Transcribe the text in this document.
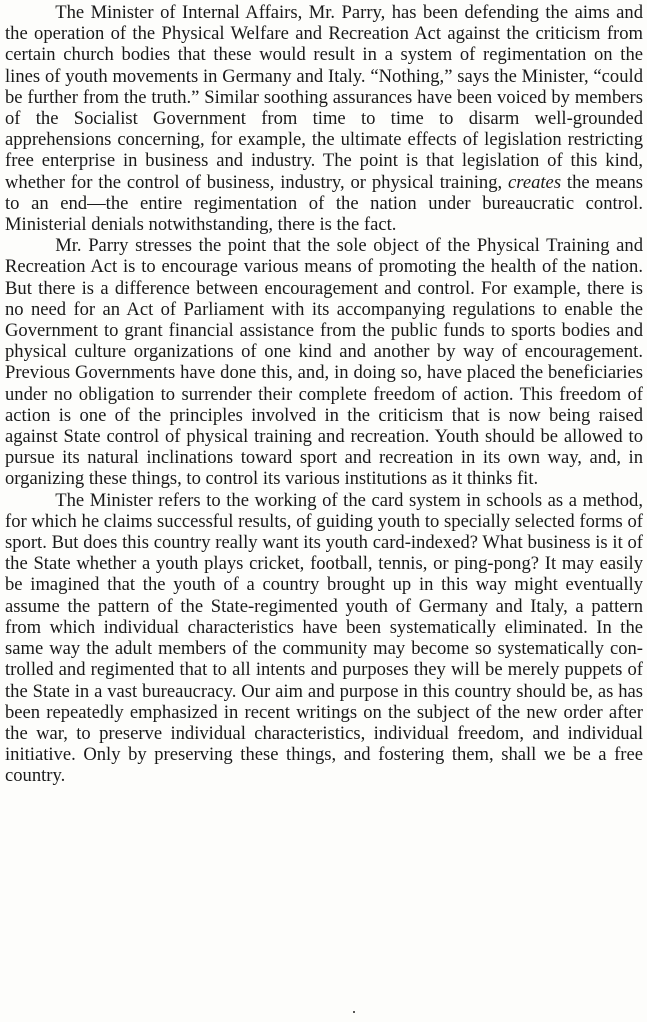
The Minister of Internal Affairs, Mr. Parry, has been defending the aims and the operation of the Physical Welfare and Recreation Act against the criticism from certain church bodies that these would result in a system of regimentation on the lines of youth movements in Germany and Italy. “Nothing,” says the Minister, “could be further from the truth.” Similar soothing assurances have been voiced by members of the Socialist Government from time to time to disarm well-grounded apprehensions concerning, for example, the ultimate effects of legislation restricting free enterprise in business and industry. The point is that legislation of this kind, whether for the control of business, industry, or physical training, creates the means to an end—the entire regimentation of the nation under bureaucratic control. Ministerial denials notwithstanding, there is the fact.

Mr. Parry stresses the point that the sole object of the Physical Training and Recreation Act is to encourage various means of promoting the health of the nation. But there is a difference between encouragement and control. For example, there is no need for an Act of Parliament with its accompanying regulations to enable the Government to grant financial assistance from the public funds to sports bodies and physical culture organizations of one kind and another by way of encouragement. Previous Governments have done this, and, in doing so, have placed the beneficiaries under no obligation to surrender their complete freedom of action. This freedom of action is one of the principles involved in the criticism that is now being raised against State control of physical training and recreation. Youth should be allowed to pursue its natural inclinations toward sport and recreation in its own way, and, in organizing these things, to control its various institutions as it thinks fit.

The Minister refers to the working of the card system in schools as a method, for which he claims successful results, of guiding youth to specially selected forms of sport. But does this country really want its youth card-indexed? What business is it of the State whether a youth plays cricket, football, tennis, or ping-pong? It may easily be imagined that the youth of a country brought up in this way might eventually assume the pattern of the State-regimented youth of Germany and Italy, a pattern from which individual characteristics have been systematically eliminated. In the same way the adult members of the community may become so systematically controlled and regimented that to all intents and purposes they will be merely puppets of the State in a vast bureaucracy. Our aim and purpose in this country should be, as has been repeatedly emphasized in recent writings on the subject of the new order after the war, to preserve individual characteristics, individual freedom, and individual initiative. Only by preserving these things, and fostering them, shall we be a free country.
